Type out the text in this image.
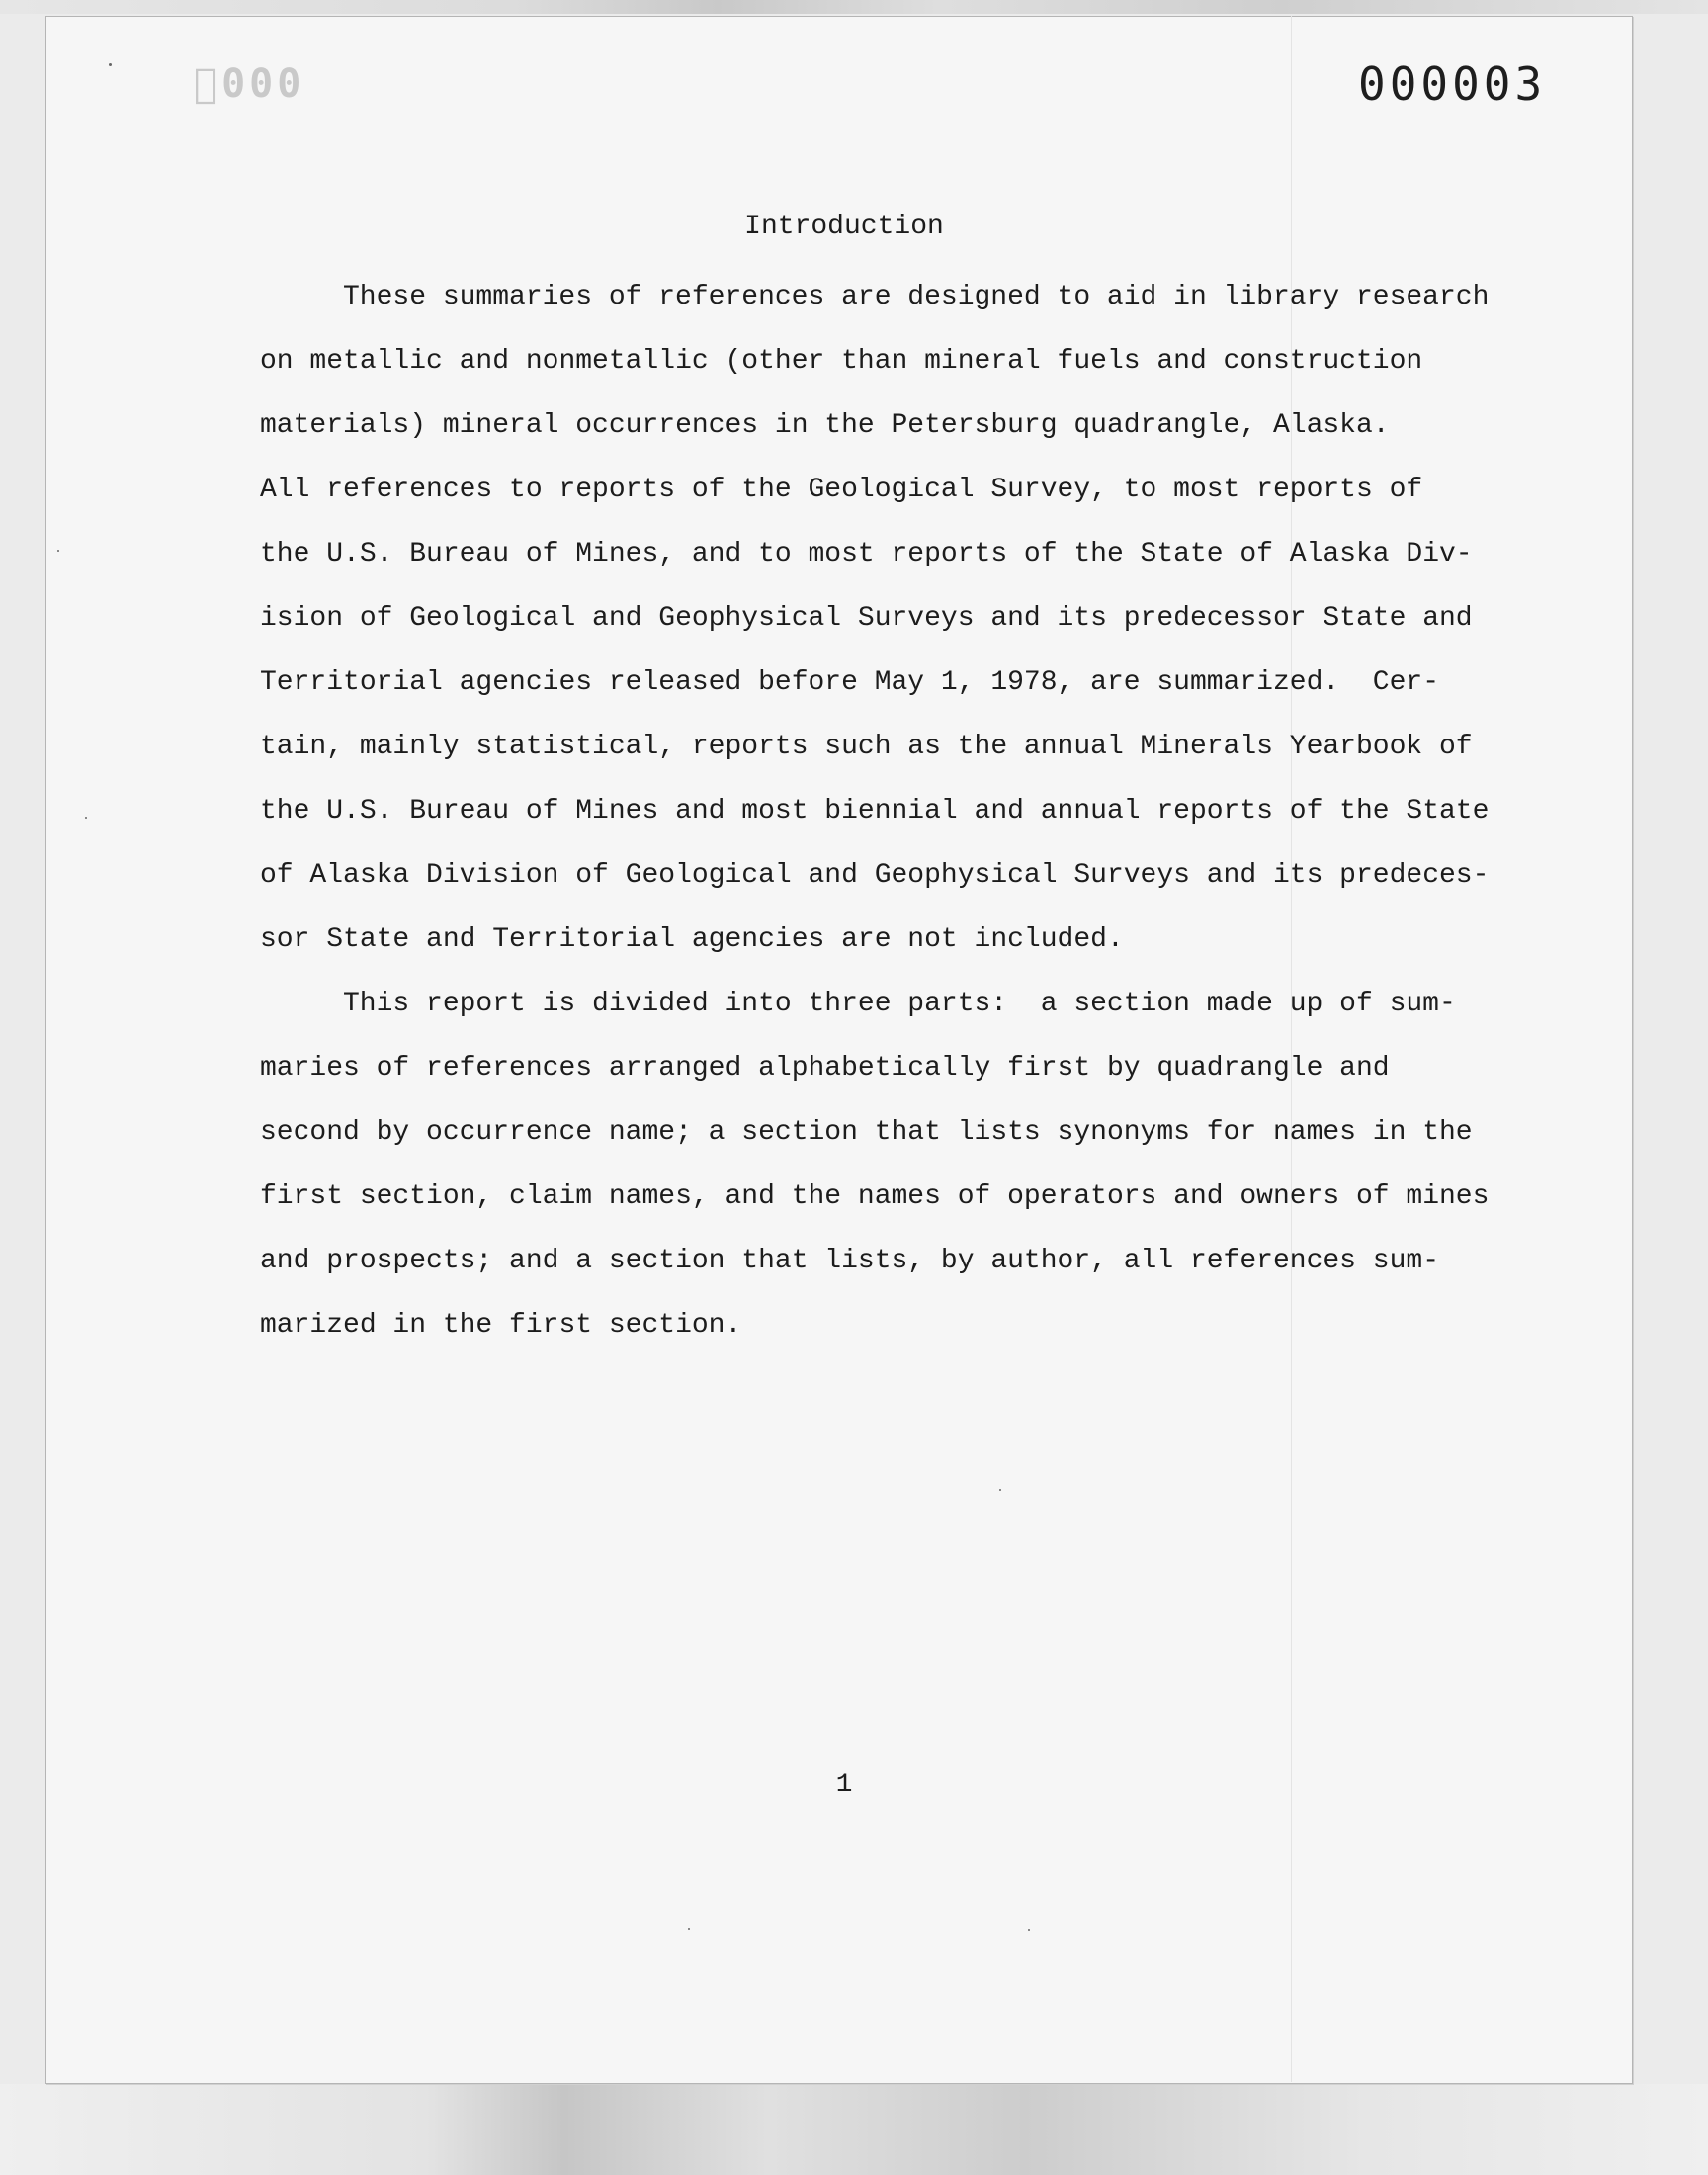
 000	000003
Introduction
These summaries of references are designed to aid in library research
on metallic and nonmetallic (other than mineral fuels and construction
materials) mineral occurrences in the Petersburg quadrangle, Alaska.
All references to reports of the Geological Survey, to most reports of
the U.S. Bureau of Mines, and to most reports of the State of Alaska Div-
ision of Geological and Geophysical Surveys and its predecessor State and
Territorial agencies released before May 1, 1978, are summarized.  Cer-
tain, mainly statistical, reports such as the annual Minerals Yearbook of
the U.S. Bureau of Mines and most biennial and annual reports of the State
of Alaska Division of Geological and Geophysical Surveys and its predeces-
sor State and Territorial agencies are not included.
This report is divided into three parts:  a section made up of sum-
maries of references arranged alphabetically first by quadrangle and
second by occurrence name; a section that lists synonyms for names in the
first section, claim names, and the names of operators and owners of mines
and prospects; and a section that lists, by author, all references sum-
marized in the first section.
1
